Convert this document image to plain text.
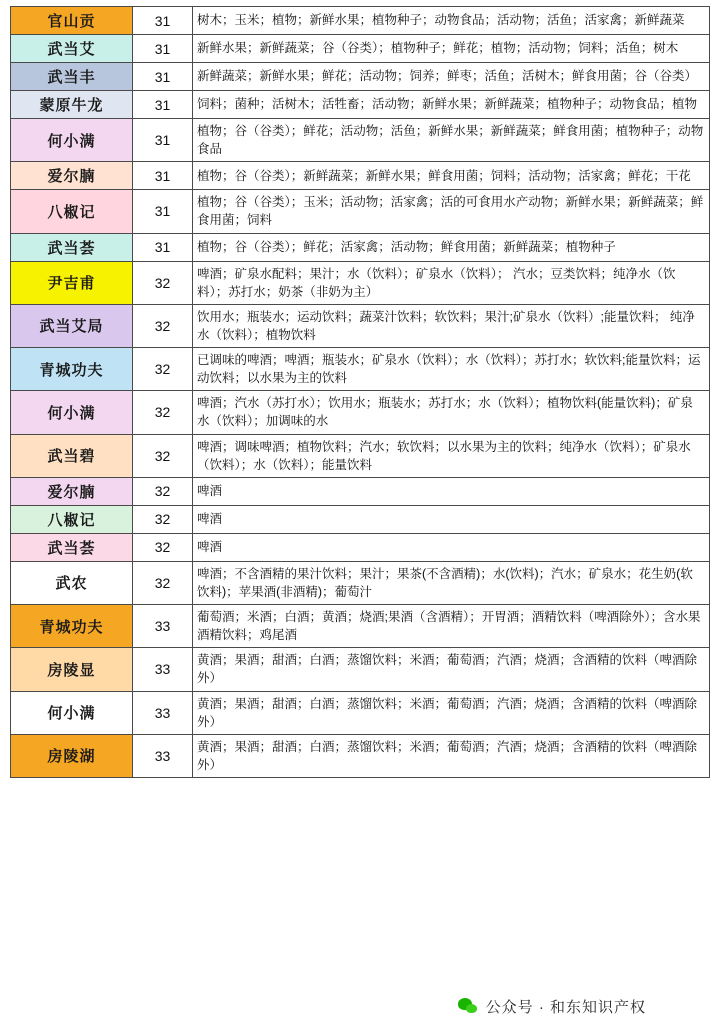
官山贡	31	树木；玉米；植物；新鲜水果；植物种子；动物食品；活动物；活鱼；活家禽；新鲜蔬菜
武当艾	31	新鲜水果；新鲜蔬菜；谷（谷类）；植物种子；鲜花；植物；活动物；饲料；活鱼；树木
武当丰	31	新鲜蔬菜；新鲜水果；鲜花；活动物；饲养；鲜枣；活鱼；活树木；鲜食用菌；谷（谷类）
蒙原牛龙	31	饲料；菌种；活树木；活牲畜；活动物；新鲜水果；新鲜蔬菜；植物种子；动物食品；植物
何小满	31	植物；谷（谷类）；鲜花；活动物；活鱼；新鲜水果；新鲜蔬菜；鲜食用菌；植物种子；动物食品
爱尔腩	31	植物；谷（谷类）；新鲜蔬菜；新鲜水果；鲜食用菌；饲料；活动物；活家禽；鲜花；干花
八椒记	31	植物；谷（谷类）；玉米；活动物；活家禽；活的可食用水产动物；新鲜水果；新鲜蔬菜；鲜食用菌；饲料
武当荟	31	植物；谷（谷类）；鲜花；活家禽；活动物；鲜食用菌；新鲜蔬菜；植物种子
尹吉甫	32	啤酒；矿泉水配料；果汁；水（饮料）；矿泉水（饮料）； 汽水；豆类饮料；纯净水（饮料）；苏打水；奶茶（非奶为主）
武当艾局	32	饮用水；瓶装水；运动饮料；蔬菜汁饮料；软饮料；果汁;矿泉水（饮料）;能量饮料； 纯净水（饮料）；植物饮料
青城功夫	32	已调味的啤酒；啤酒；瓶装水；矿泉水（饮料）；水（饮料）；苏打水；软饮料;能量饮料；运动饮料；以水果为主的饮料
何小满	32	啤酒；汽水（苏打水）；饮用水；瓶装水；苏打水；水（饮料）；植物饮料(能量饮料)；矿泉水（饮料）；加调味的水
武当碧	32	啤酒；调味啤酒；植物饮料；汽水；软饮料；以水果为主的饮料；纯净水（饮料）；矿泉水（饮料）；水（饮料）；能量饮料
爱尔腩	32	啤酒
八椒记	32	啤酒
武当荟	32	啤酒
武农	32	啤酒；不含酒精的果汁饮料；果汁；果茶(不含酒精)；水(饮料)；汽水；矿泉水；花生奶(软饮料)；苹果酒(非酒精)；葡萄汁
青城功夫	33	葡萄酒；米酒；白酒；黄酒；烧酒;果酒（含酒精）；开胃酒；酒精饮料（啤酒除外）；含水果酒精饮料；鸡尾酒
房陵显	33	黄酒；果酒；甜酒；白酒；蒸馏饮料；米酒；葡萄酒；汽酒；烧酒；含酒精的饮料（啤酒除外）
何小满	33	黄酒；果酒；甜酒；白酒；蒸馏饮料；米酒；葡萄酒；汽酒；烧酒；含酒精的饮料（啤酒除外）
房陵湖	33	黄酒；果酒；甜酒；白酒；蒸馏饮料；米酒；葡萄酒；汽酒；烧酒；含酒精的饮料（啤酒除外）
公众号 · 和东知识产权
